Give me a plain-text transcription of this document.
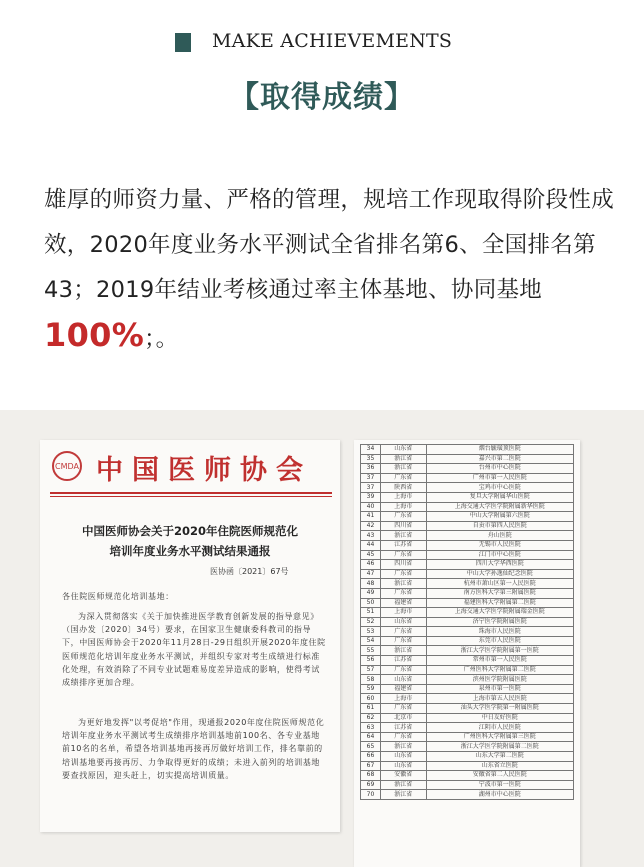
MAKE ACHIEVEMENTS
【取得成绩】
雄厚的师资力量、严格的管理，规培工作现取得阶段性成效，2020年度业务水平测试全省排名第6、全国排名第43；2019年结业考核通过率主体基地、协同基地100%；。
CMDA 中国医师协会
中国医师协会关于2020年住院医师规范化
培训年度业务水平测试结果通报
医协函〔2021〕67号
各住院医师规范化培训基地：
为深入贯彻落实《关于加快推进医学教育创新发展的指导意见》（国办发〔2020〕34号）要求，在国家卫生健康委科教司的指导下，中国医师协会于2020年11月28日-29日组织开展2020年度住院医师规范化培训年度业务水平测试，并组织专家对考生成绩进行标准化处理，有效消除了不同专业试题难易度差异造成的影响，使得考试成绩排序更加合理。
为更好地发挥"以考促培"作用，现通报2020年度住院医师规范化培训年度业务水平测试考生成绩排序培训基地前100名、各专业基地前10名的名单，希望各培训基地再接再厉做好培训工作，排名靠前的培训基地要再接再厉、力争取得更好的成绩；未进入前列的培训基地要查找原因，迎头赶上，切实提高培训质量。
34	山东省	烟台毓璜顶医院
35	浙江省	嘉兴市第二医院
36	浙江省	台州市中心医院
37	广东省	广州市第一人民医院
37	陕西省	宝鸡市中心医院
39	上海市	复旦大学附属华山医院
40	上海市	上海交通大学医学院附属新华医院
41	广东省	中山大学附属第六医院
42	四川省	自贡市第四人民医院
43	浙江省	舟山医院
44	江苏省	无锡市人民医院
45	广东省	江门市中心医院
46	四川省	四川大学华西医院
47	广东省	中山大学孙逸仙纪念医院
48	浙江省	杭州市萧山区第一人民医院
49	广东省	南方医科大学第三附属医院
50	福建省	福建医科大学附属第二医院
51	上海市	上海交通大学医学院附属瑞金医院
52	山东省	济宁医学院附属医院
53	广东省	珠海市人民医院
54	广东省	东莞市人民医院
55	浙江省	浙江大学医学院附属第一医院
56	江苏省	常州市第一人民医院
57	广东省	广州医科大学附属第二医院
58	山东省	滨州医学院附属医院
59	福建省	泉州市第一医院
60	上海市	上海市第五人民医院
61	广东省	汕头大学医学院第一附属医院
62	北京市	中日友好医院
63	江苏省	江阴市人民医院
64	广东省	广州医科大学附属第三医院
65	浙江省	浙江大学医学院附属第二医院
66	山东省	山东大学第二医院
67	山东省	山东省立医院
68	安徽省	安徽省第二人民医院
69	浙江省	宁波市第一医院
70	浙江省	湖州市中心医院
